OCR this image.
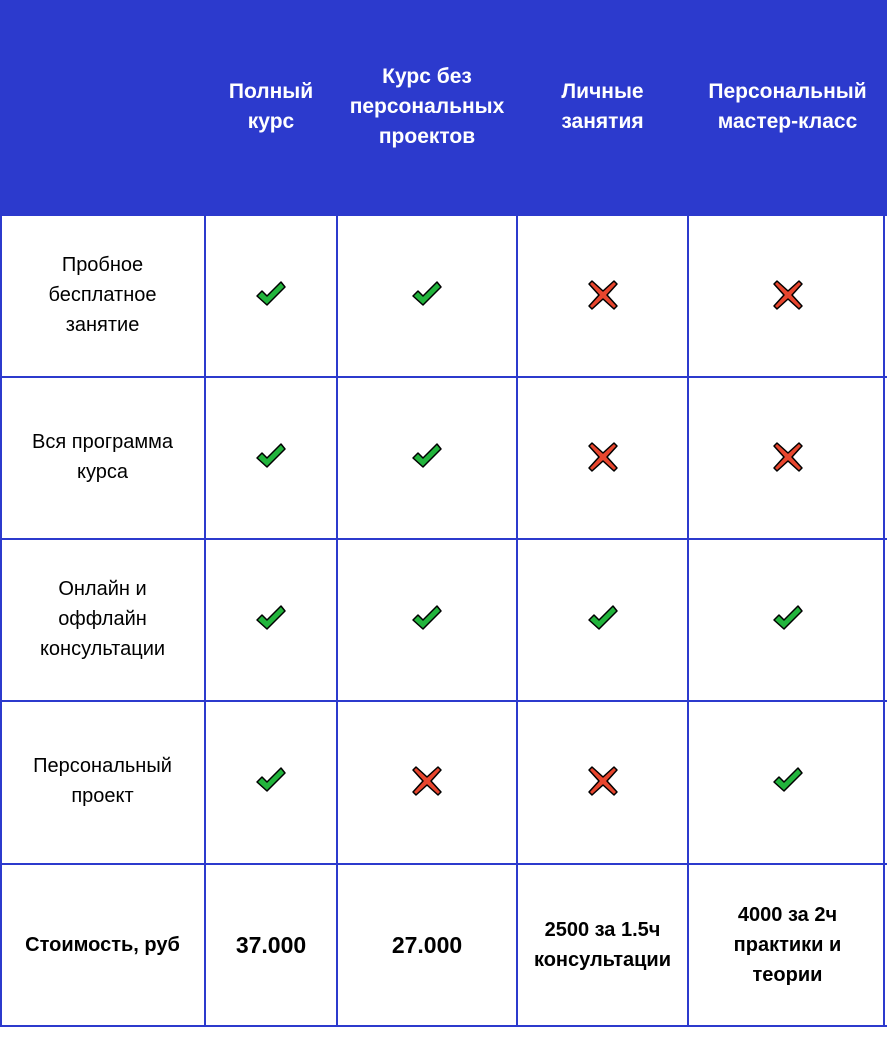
Полный курс
Курс без персональных проектов
Личные занятия
Персональный мастер-класс
Пробное бесплатное занятие
Вся программа курса
Онлайн и оффлайн консультации
Персональный проект
Стоимость, руб 37.000	27.000
2500 за 1.5ч консультации
4000 за 2ч практики и теории
